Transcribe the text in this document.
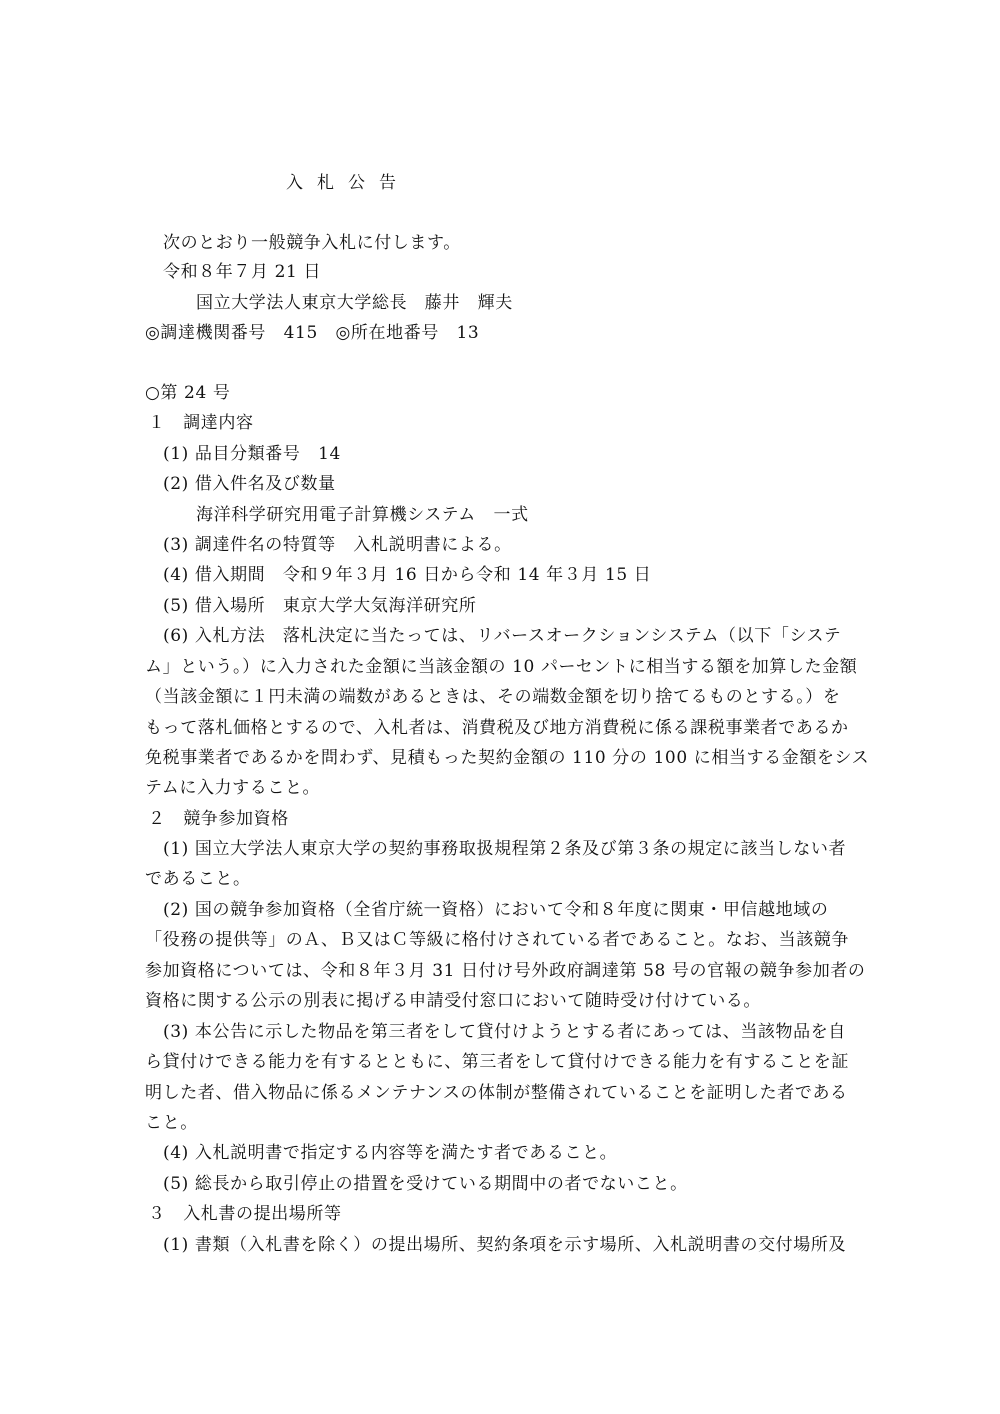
入札公告
次のとおり一般競争入札に付します。
令和８年７月 21 日
国立大学法人東京大学総長　藤井　輝夫
◎調達機関番号　415　◎所在地番号　13
○第 24 号
１　調達内容
(1) 品目分類番号　14
(2) 借入件名及び数量
海洋科学研究用電子計算機システム　一式
(3) 調達件名の特質等　入札説明書による。
(4) 借入期間　令和９年３月 16 日から令和 14 年３月 15 日
(5) 借入場所　東京大学大気海洋研究所
(6) 入札方法　落札決定に当たっては、リバースオークションシステム（以下「システ
ム」という。）に入力された金額に当該金額の 10 パーセントに相当する額を加算した金額
（当該金額に１円未満の端数があるときは、その端数金額を切り捨てるものとする。）を
もって落札価格とするので、入札者は、消費税及び地方消費税に係る課税事業者であるか
免税事業者であるかを問わず、見積もった契約金額の 110 分の 100 に相当する金額をシス
テムに入力すること。
２　競争参加資格
(1) 国立大学法人東京大学の契約事務取扱規程第２条及び第３条の規定に該当しない者
であること。
(2) 国の競争参加資格（全省庁統一資格）において令和８年度に関東・甲信越地域の
「役務の提供等」のＡ、Ｂ又はＣ等級に格付けされている者であること。なお、当該競争
参加資格については、令和８年３月 31 日付け号外政府調達第 58 号の官報の競争参加者の
資格に関する公示の別表に掲げる申請受付窓口において随時受け付けている。
(3) 本公告に示した物品を第三者をして貸付けようとする者にあっては、当該物品を自
ら貸付けできる能力を有するとともに、第三者をして貸付けできる能力を有することを証
明した者、借入物品に係るメンテナンスの体制が整備されていることを証明した者である
こと。
(4) 入札説明書で指定する内容等を満たす者であること。
(5) 総長から取引停止の措置を受けている期間中の者でないこと。
３　入札書の提出場所等
(1) 書類（入札書を除く）の提出場所、契約条項を示す場所、入札説明書の交付場所及
